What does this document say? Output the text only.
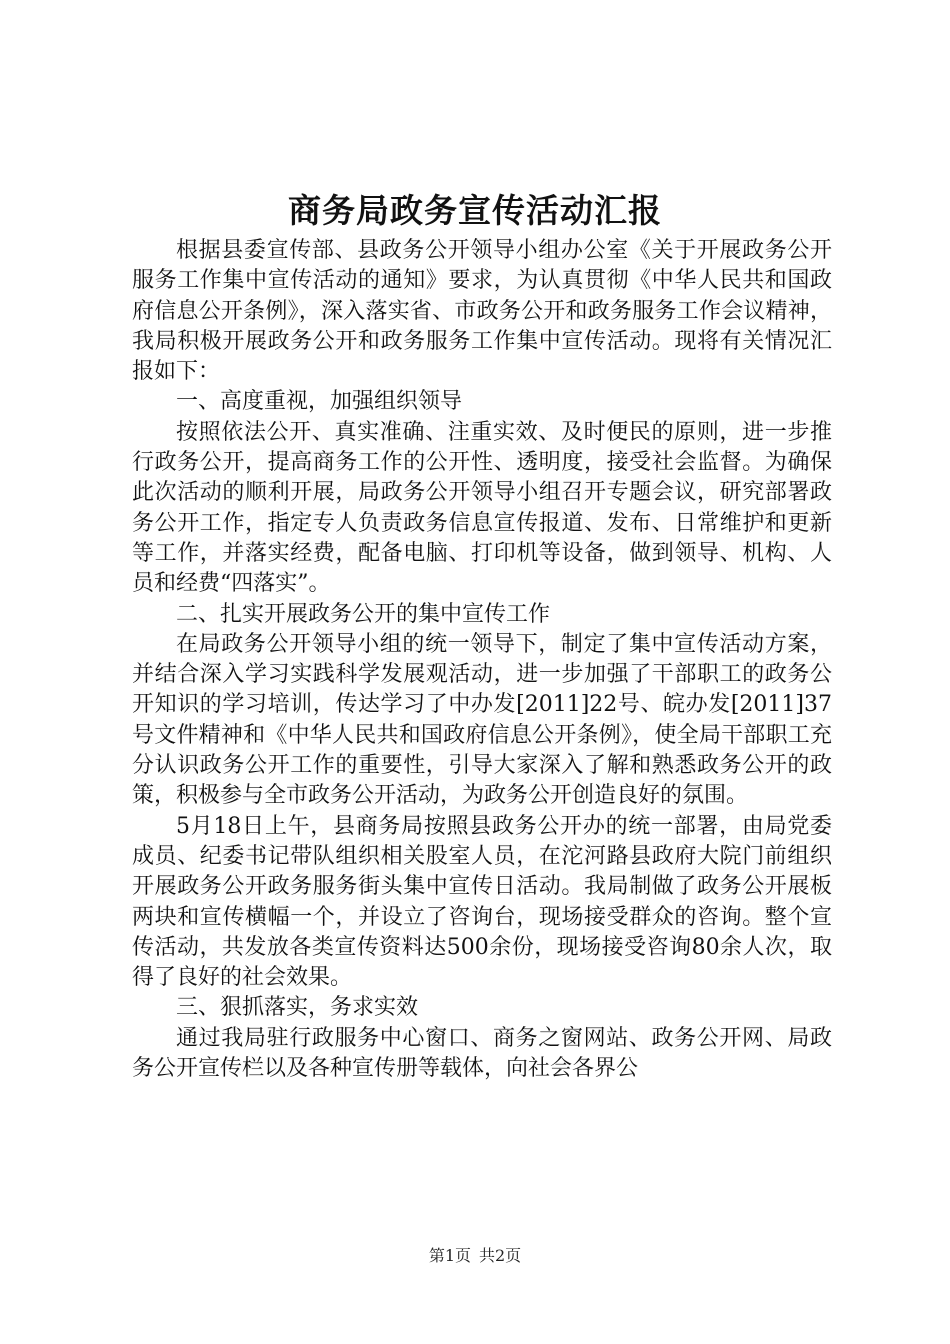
商务局政务宣传活动汇报

根据县委宣传部、县政务公开领导小组办公室《关于开展政务公开服务工作集中宣传活动的通知》要求，为认真贯彻《中华人民共和国政府信息公开条例》，深入落实省、市政务公开和政务服务工作会议精神，我局积极开展政务公开和政务服务工作集中宣传活动。现将有关情况汇报如下：

一、高度重视，加强组织领导

按照依法公开、真实准确、注重实效、及时便民的原则，进一步推行政务公开，提高商务工作的公开性、透明度，接受社会监督。为确保此次活动的顺利开展，局政务公开领导小组召开专题会议，研究部署政务公开工作，指定专人负责政务信息宣传报道、发布、日常维护和更新等工作，并落实经费，配备电脑、打印机等设备，做到领导、机构、人员和经费“四落实”。

二、扎实开展政务公开的集中宣传工作

在局政务公开领导小组的统一领导下，制定了集中宣传活动方案，并结合深入学习实践科学发展观活动，进一步加强了干部职工的政务公开知识的学习培训，传达学习了中办发[2011]22号、皖办发[2011]37号文件精神和《中华人民共和国政府信息公开条例》，使全局干部职工充分认识政务公开工作的重要性，引导大家深入了解和熟悉政务公开的政策，积极参与全市政务公开活动，为政务公开创造良好的氛围。

5月18日上午，县商务局按照县政务公开办的统一部署，由局党委成员、纪委书记带队组织相关股室人员，在沱河路县政府大院门前组织开展政务公开政务服务街头集中宣传日活动。我局制做了政务公开展板两块和宣传横幅一个，并设立了咨询台，现场接受群众的咨询。整个宣传活动，共发放各类宣传资料达500余份，现场接受咨询80余人次，取得了良好的社会效果。

三、狠抓落实，务求实效

通过我局驻行政服务中心窗口、商务之窗网站、政务公开网、局政务公开宣传栏以及各种宣传册等载体，向社会各界公

第1页 共2页
